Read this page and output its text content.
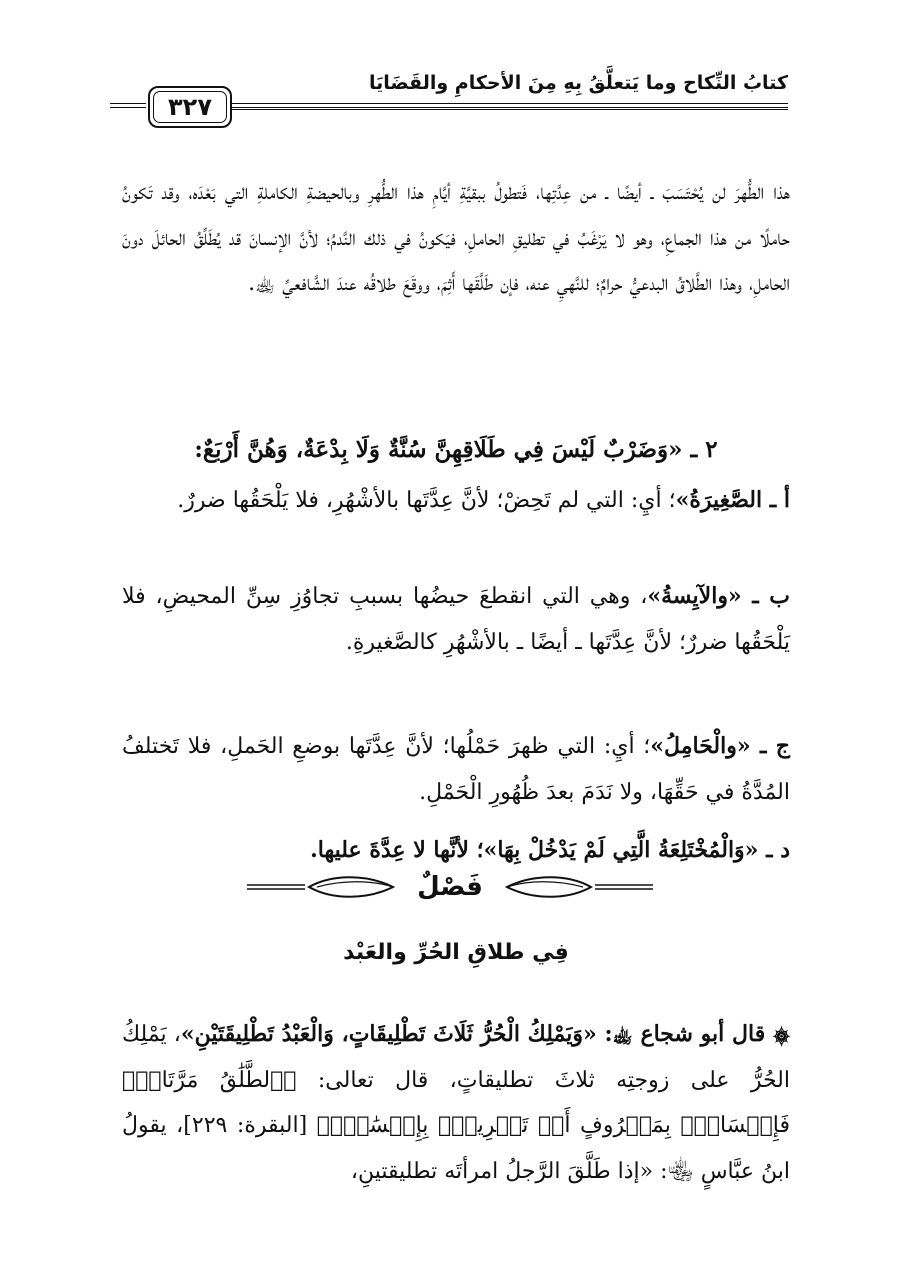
كتابُ النِّكاح وما يَتعلَّقُ بِهِ مِنَ الأحكامِ والقَضَايَا
٣٢٧

هذا الطُّهرَ لن يُحْتَسَبَ ـ أيضًا ـ من عِدَّتِها، فَتطولُ ببقيَّةِ أيَّامِ هذا الطُّهرِ وبالحيضةِ الكاملةِ التي بَعْدَه، وقد تَكونُ حاملًا من هذا الجماعِ، وهو لا يَرْغَبُ في تطليقِ الحاملِ، فيَكونُ في ذلك النَّدمُ؛ لأنَّ الإنسانَ قد يُطَلِّقُ الحائلَ دونَ الحاملِ، وهذا الطَّلاقُ البدعيُّ حرامٌ؛ للنَّهيِ عنه، فإن طَلَّقَها أَثِمَ، ووقَعَ طلاقُه عندَ الشَّافعيِّ ﵀.

٢ ـ «وَضَرْبٌ لَيْسَ فِي طَلَاقِهِنَّ سُنَّةٌ وَلَا بِدْعَةٌ، وَهُنَّ أَرْبَعٌ:

أ ـ الصَّغِيرَةُ»؛ أيِ: التي لم تَحِضْ؛ لأنَّ عِدَّتَها بالأشْهُرِ، فلا يَلْحَقُها ضررٌ.

ب ـ «والآيِسةُ»، وهي التي انقطعَ حيضُها بسببِ تجاوُزِ سِنِّ المحيضِ، فلا يَلْحَقُها ضررٌ؛ لأنَّ عِدَّتَها ـ أيضًا ـ بالأشْهُرِ كالصَّغيرةِ.

ج ـ «والْحَامِلُ»؛ أيِ: التي ظهرَ حَمْلُها؛ لأنَّ عِدَّتَها بوضعِ الحَملِ، فلا تَختلفُ المُدَّةُ في حَقِّهَا، ولا نَدَمَ بعدَ ظُهُورِ الْحَمْلِ.

د ـ «وَالْمُخْتَلِعَةُ الَّتِي لَمْ يَدْخُلْ بِهَا»؛ لأنَّها لا عِدَّةَ عليها.

فَصْلٌ
فِي طلاقِ الحُرِّ والعَبْد

۞ قال أبو شجاع ﵀: «وَيَمْلِكُ الْحُرُّ ثَلَاثَ تَطْلِيقَاتٍ، وَالْعَبْدُ تَطْلِيقَتَيْنِ»، يَمْلِكُ الحُرُّ على زوجتِه ثلاثَ تطليقاتٍ، قال تعالى: ﴿ٱلطَّلَٰقُ مَرَّتَانِۖ فَإِمۡسَاكُۢ بِمَعۡرُوفٍ أَوۡ تَسۡرِيحُۢ بِإِحۡسَٰنٖۗ﴾ [البقرة: ٢٢٩]، يقولُ ابنُ عبَّاسٍ ﵄: «إذا طَلَّقَ الرَّجلُ امرأتَه تطليقتينِ،
